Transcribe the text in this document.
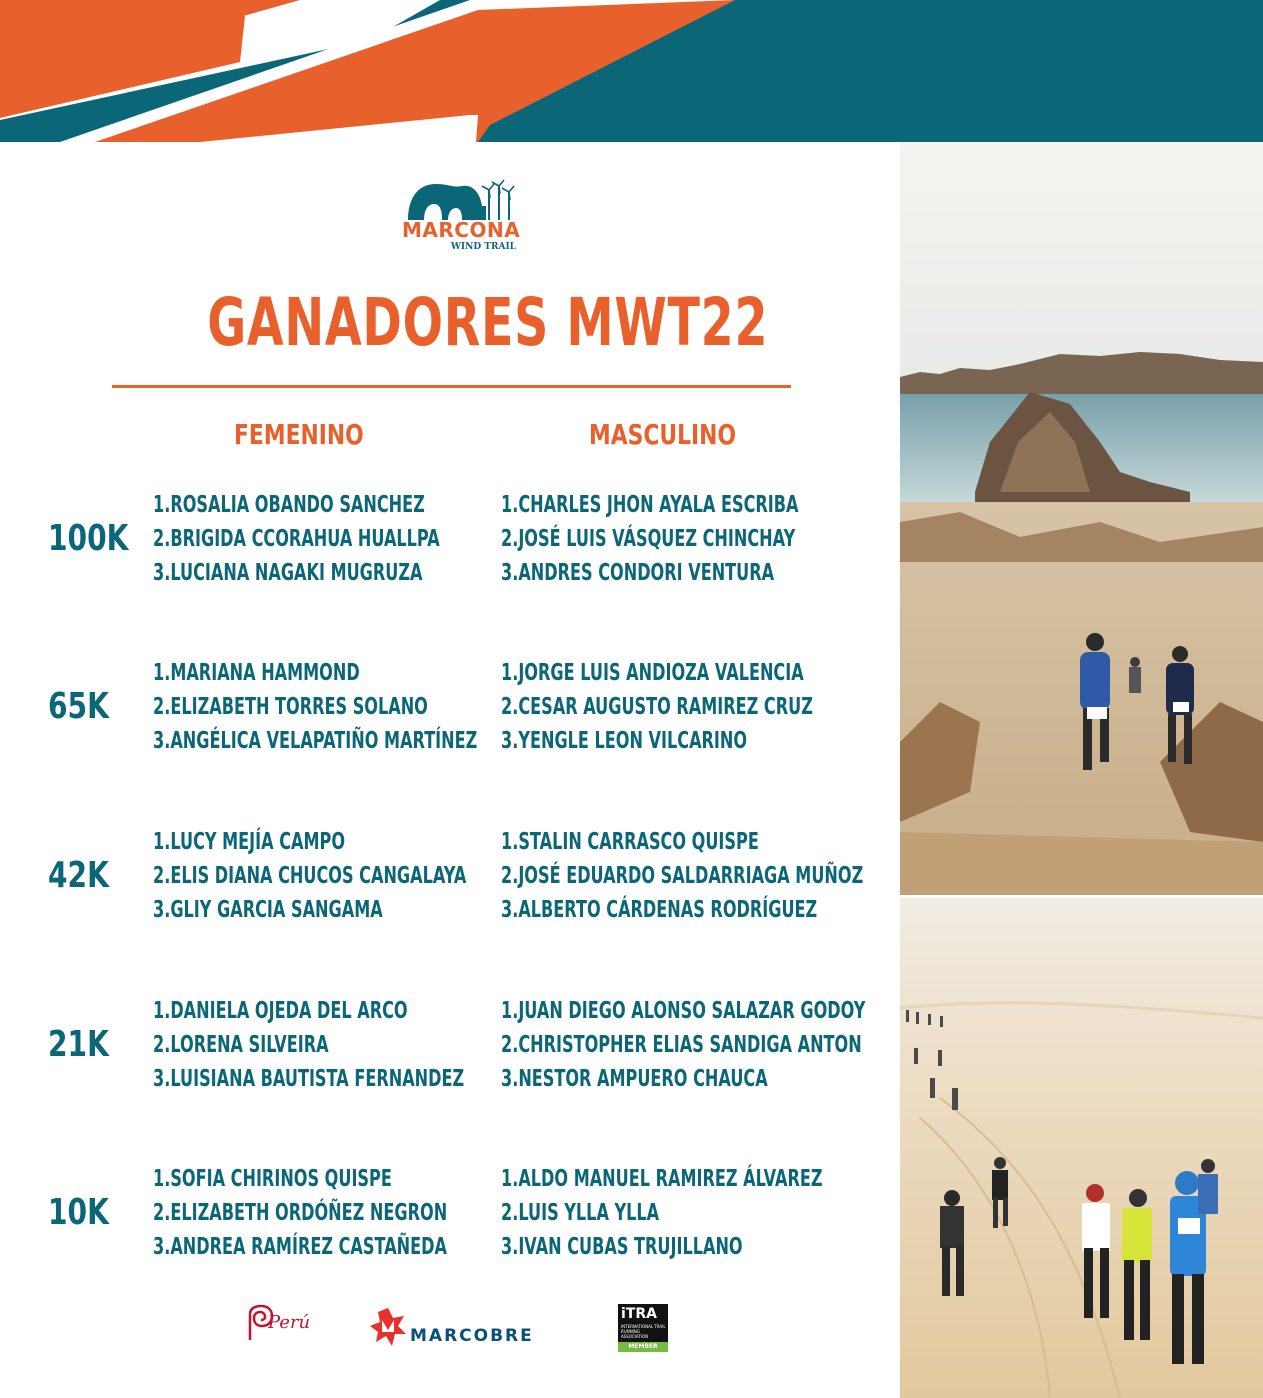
MARCONA
WIND TRAIL
GANADORES MWT22
FEMENINO	MASCULINO
100K
1.ROSALIA OBANDO SANCHEZ
2.BRIGIDA CCORAHUA HUALLPA
3.LUCIANA NAGAKI MUGRUZA
1.CHARLES JHON AYALA ESCRIBA
2.JOSÉ LUIS VÁSQUEZ CHINCHAY
3.ANDRES CONDORI VENTURA
65K
1.MARIANA HAMMOND
2.ELIZABETH TORRES SOLANO
3.ANGÉLICA VELAPATIÑO MARTÍNEZ
1.JORGE LUIS ANDIOZA VALENCIA
2.CESAR AUGUSTO RAMIREZ CRUZ
3.YENGLE LEON VILCARINO
42K
1.LUCY MEJÍA CAMPO
2.ELIS DIANA CHUCOS CANGALAYA
3.GLIY GARCIA SANGAMA
1.STALIN CARRASCO QUISPE
2.JOSÉ EDUARDO SALDARRIAGA MUÑOZ
3.ALBERTO CÁRDENAS RODRÍGUEZ
21K
1.DANIELA OJEDA DEL ARCO
2.LORENA SILVEIRA
3.LUISIANA BAUTISTA FERNANDEZ
1.JUAN DIEGO ALONSO SALAZAR GODOY
2.CHRISTOPHER ELIAS SANDIGA ANTON
3.NESTOR AMPUERO CHAUCA
10K
1.SOFIA CHIRINOS QUISPE
2.ELIZABETH ORDÓÑEZ NEGRON
3.ANDREA RAMÍREZ CASTAÑEDA
1.ALDO MANUEL RAMIREZ ÁLVAREZ
2.LUIS YLLA YLLA
3.IVAN CUBAS TRUJILLANO
Perú
MARCOBRE
iTRA
INTERNATIONAL TRAIL RUNNING ASSOCIATION
MEMBER
